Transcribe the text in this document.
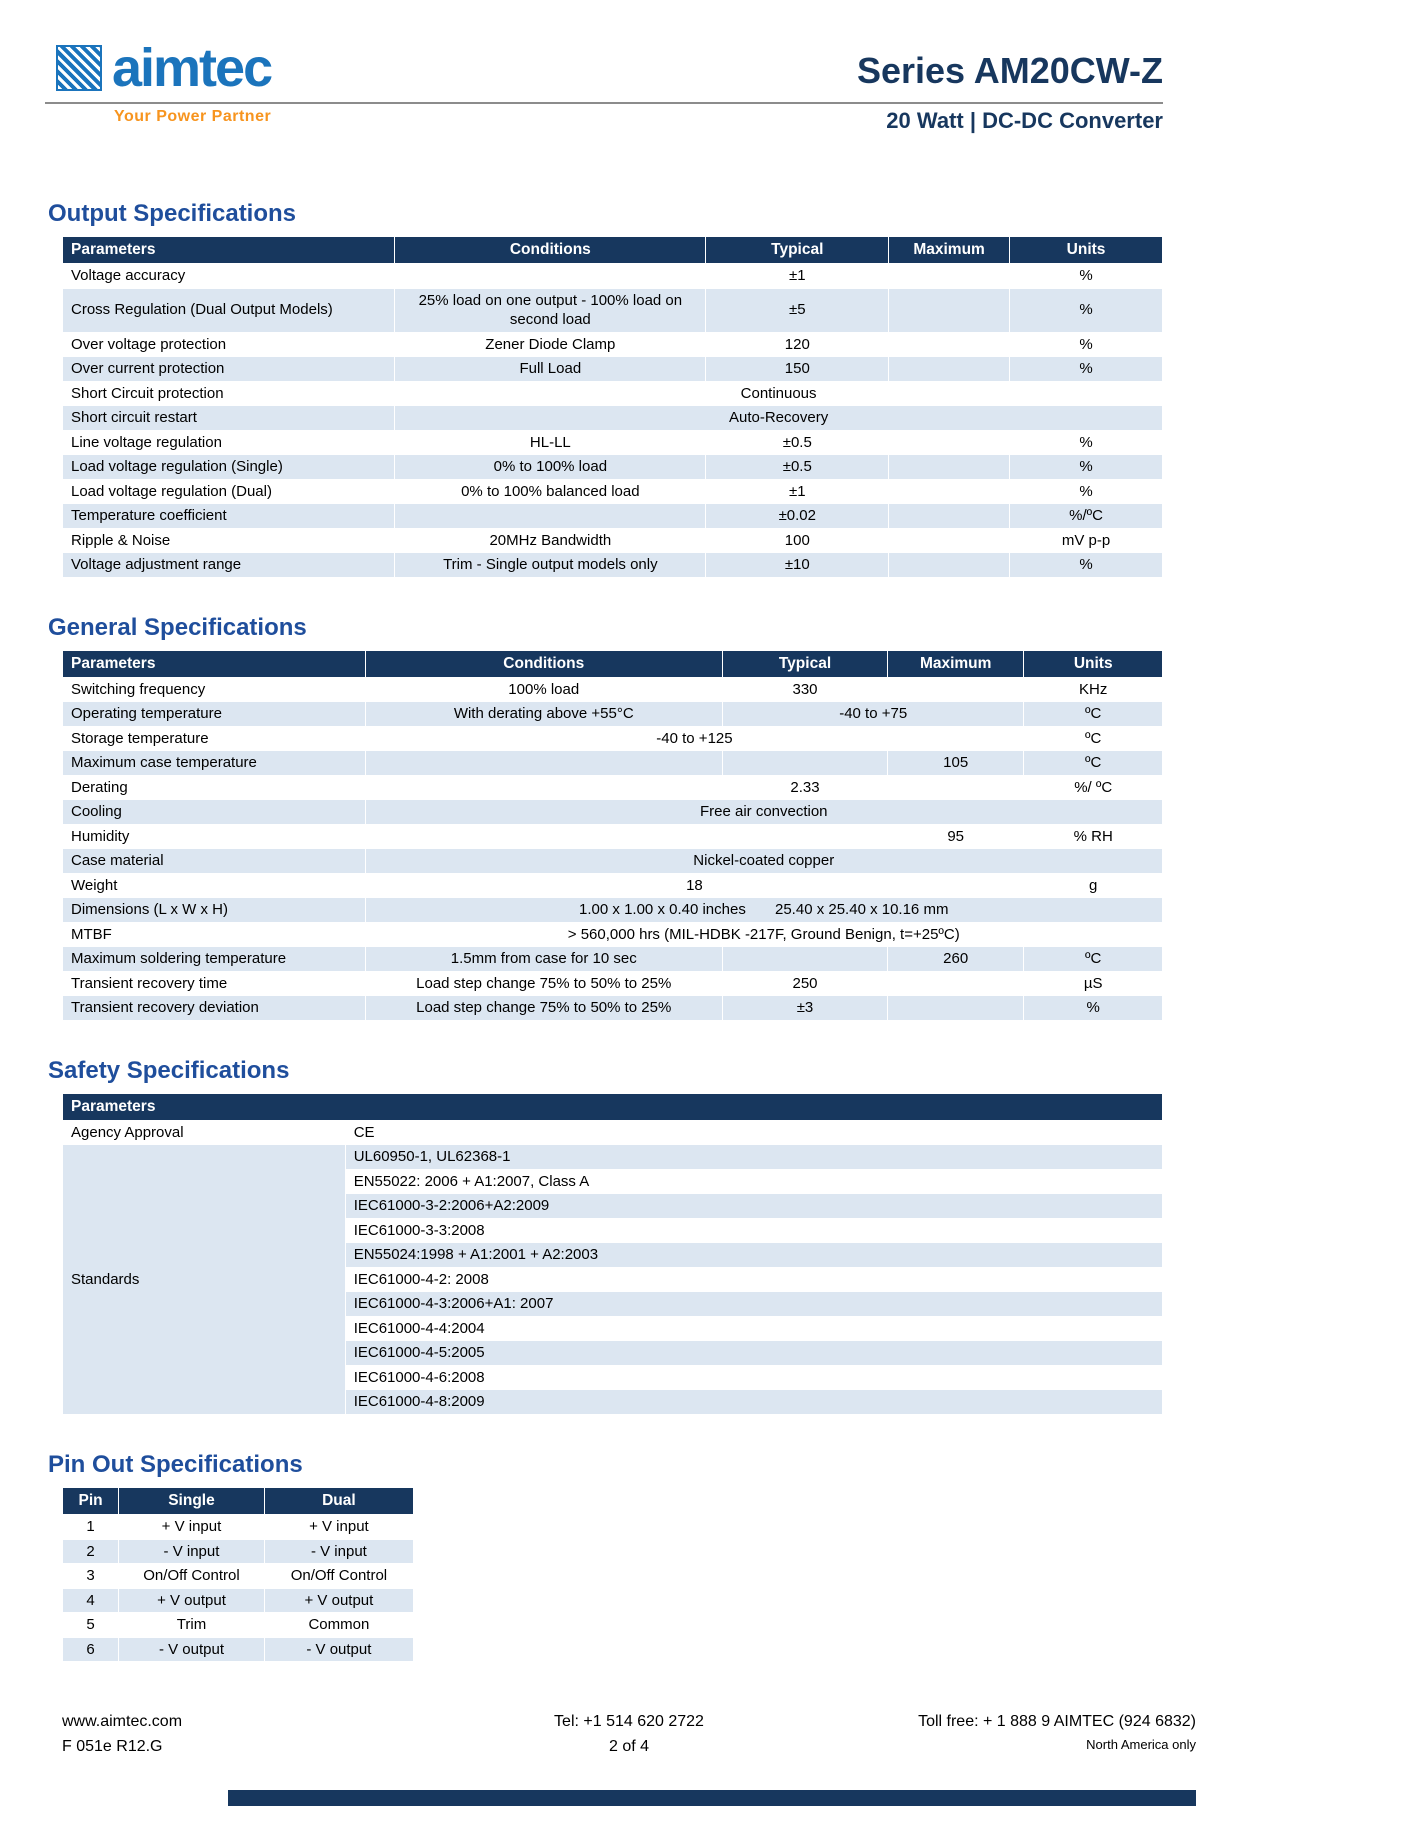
aimtec
Your Power Partner
Series AM20CW-Z
20 Watt | DC-DC Converter
Output Specifications
Parameters	Conditions	Typical	Maximum	Units
Voltage accuracy		±1		%
Cross Regulation (Dual Output Models)	25% load on one output - 100% load on second load	±5		%
Over voltage protection	Zener Diode Clamp	120		%
Over current protection	Full Load	150		%
Short Circuit protection	Continuous			
Short circuit restart	Auto-Recovery			
Line voltage regulation	HL-LL	±0.5		%
Load voltage regulation (Single)	0% to 100% load	±0.5		%
Load voltage regulation (Dual)	0% to 100% balanced load	±1		%
Temperature coefficient		±0.02		%/ºC
Ripple & Noise	20MHz Bandwidth	100		mV p-p
Voltage adjustment range	Trim - Single output models only	±10		%
General Specifications
Parameters	Conditions	Typical	Maximum	Units
Switching frequency	100% load	330		KHz
Operating temperature	With derating above +55°C	-40 to +75		ºC
Storage temperature	-40 to +125			ºC
Maximum case temperature			105	ºC
Derating		2.33		%/ ºC
Cooling	Free air convection			
Humidity			95	% RH
Case material	Nickel-coated copper			
Weight	18			g
Dimensions (L x W x H)	1.00 x 1.00 x 0.40 inches       25.40 x 25.40 x 10.16 mm			
MTBF	> 560,000 hrs (MIL-HDBK -217F, Ground Benign, t=+25ºC)			
Maximum soldering temperature	1.5mm from case for 10 sec		260	ºC
Transient recovery time	Load step change 75% to 50% to 25%	250		µS
Transient recovery deviation	Load step change 75% to 50% to 25%	±3		%
Safety Specifications
Parameters	
Agency Approval	CE
Standards	UL60950-1, UL62368-1
	EN55022: 2006 + A1:2007, Class A
	IEC61000-3-2:2006+A2:2009
	IEC61000-3-3:2008
	EN55024:1998 + A1:2001 + A2:2003
	IEC61000-4-2: 2008
	IEC61000-4-3:2006+A1: 2007
	IEC61000-4-4:2004
	IEC61000-4-5:2005
	IEC61000-4-6:2008
	IEC61000-4-8:2009
Pin Out Specifications
Pin	Single	Dual
1	+ V input	+ V input
2	- V input	- V input
3	On/Off Control	On/Off Control
4	+ V output	+ V output
5	Trim	Common
6	- V output	- V output
www.aimtec.com
F 051e R12.G
Tel: +1 514 620 2722
2 of 4
Toll free: + 1 888 9 AIMTEC (924 6832)
North America only
